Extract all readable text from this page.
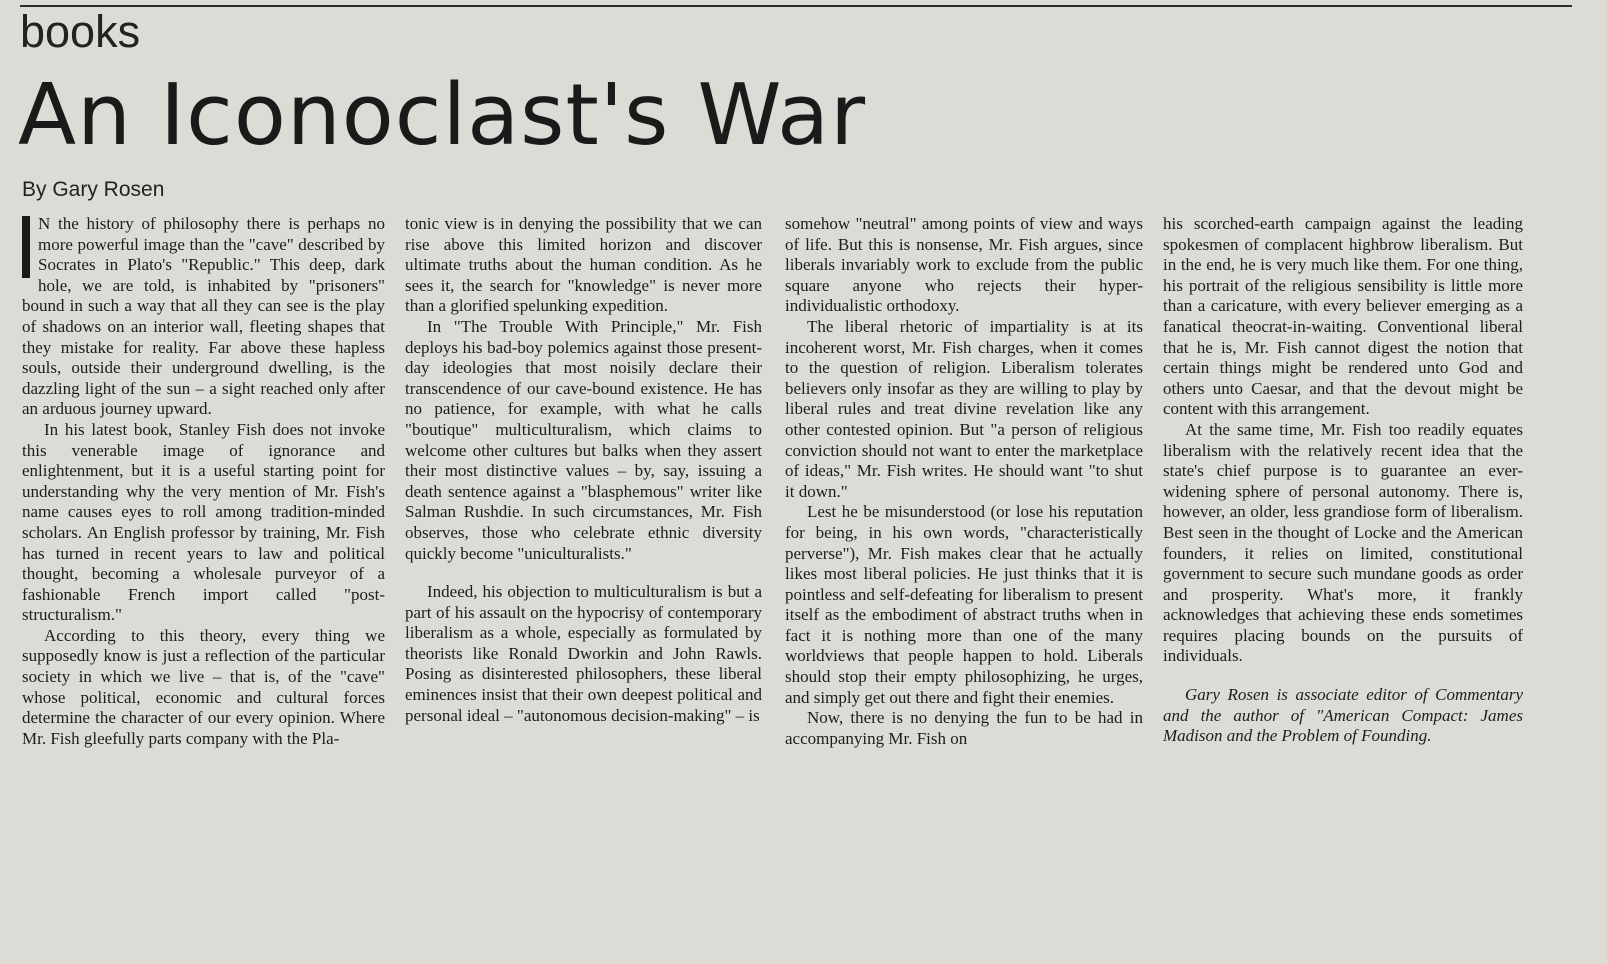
books
An Iconoclast's War
By Gary Rosen

N the history of philosophy there is perhaps no more powerful image than the "cave" described by Socrates in Plato's "Republic." This deep, dark hole, we are told, is inhabited by "prisoners" bound in such a way that all they can see is the play of shadows on an interior wall, fleeting shapes that they mistake for reality. Far above these hapless souls, outside their underground dwelling, is the dazzling light of the sun – a sight reached only after an arduous journey upward.

In his latest book, Stanley Fish does not invoke this venerable image of ignorance and enlightenment, but it is a useful starting point for understanding why the very mention of Mr. Fish's name causes eyes to roll among tradition-minded scholars. An English professor by training, Mr. Fish has turned in recent years to law and political thought, becoming a wholesale purveyor of a fashionable French import called "post-structuralism."

According to this theory, every thing we supposedly know is just a reflection of the particular society in which we live – that is, of the "cave" whose political, economic and cultural forces determine the character of our every opinion. Where Mr. Fish gleefully parts company with the Pla-

tonic view is in denying the possibility that we can rise above this limited horizon and discover ultimate truths about the human condition. As he sees it, the search for "knowledge" is never more than a glorified spelunking expedition.

In "The Trouble With Principle," Mr. Fish deploys his bad-boy polemics against those present-day ideologies that most noisily declare their transcendence of our cave-bound existence. He has no patience, for example, with what he calls "boutique" multiculturalism, which claims to welcome other cultures but balks when they assert their most distinctive values – by, say, issuing a death sentence against a "blasphemous" writer like Salman Rushdie. In such circumstances, Mr. Fish observes, those who celebrate ethnic diversity quickly become "uniculturalists."

Indeed, his objection to multiculturalism is but a part of his assault on the hypocrisy of contemporary liberalism as a whole, especially as formulated by theorists like Ronald Dworkin and John Rawls. Posing as disinterested philosophers, these liberal eminences insist that their own deepest political and personal ideal – "autonomous decision-making" – is

somehow "neutral" among points of view and ways of life. But this is nonsense, Mr. Fish argues, since liberals invariably work to exclude from the public square anyone who rejects their hyper-individualistic orthodoxy.

The liberal rhetoric of impartiality is at its incoherent worst, Mr. Fish charges, when it comes to the question of religion. Liberalism tolerates believers only insofar as they are willing to play by liberal rules and treat divine revelation like any other contested opinion. But "a person of religious conviction should not want to enter the marketplace of ideas," Mr. Fish writes. He should want "to shut it down."

Lest he be misunderstood (or lose his reputation for being, in his own words, "characteristically perverse"), Mr. Fish makes clear that he actually likes most liberal policies. He just thinks that it is pointless and self-defeating for liberalism to present itself as the embodiment of abstract truths when in fact it is nothing more than one of the many worldviews that people happen to hold. Liberals should stop their empty philosophizing, he urges, and simply get out there and fight their enemies.

Now, there is no denying the fun to be had in accompanying Mr. Fish on

his scorched-earth campaign against the leading spokesmen of complacent highbrow liberalism. But in the end, he is very much like them. For one thing, his portrait of the religious sensibility is little more than a caricature, with every believer emerging as a fanatical theocrat-in-waiting. Conventional liberal that he is, Mr. Fish cannot digest the notion that certain things might be rendered unto God and others unto Caesar, and that the devout might be content with this arrangement.

At the same time, Mr. Fish too readily equates liberalism with the relatively recent idea that the state's chief purpose is to guarantee an ever-widening sphere of personal autonomy. There is, however, an older, less grandiose form of liberalism. Best seen in the thought of Locke and the American founders, it relies on limited, constitutional government to secure such mundane goods as order and prosperity. What's more, it frankly acknowledges that achieving these ends sometimes requires placing bounds on the pursuits of individuals.

Gary Rosen is associate editor of Commentary and the author of "American Compact: James Madison and the Problem of Founding.
